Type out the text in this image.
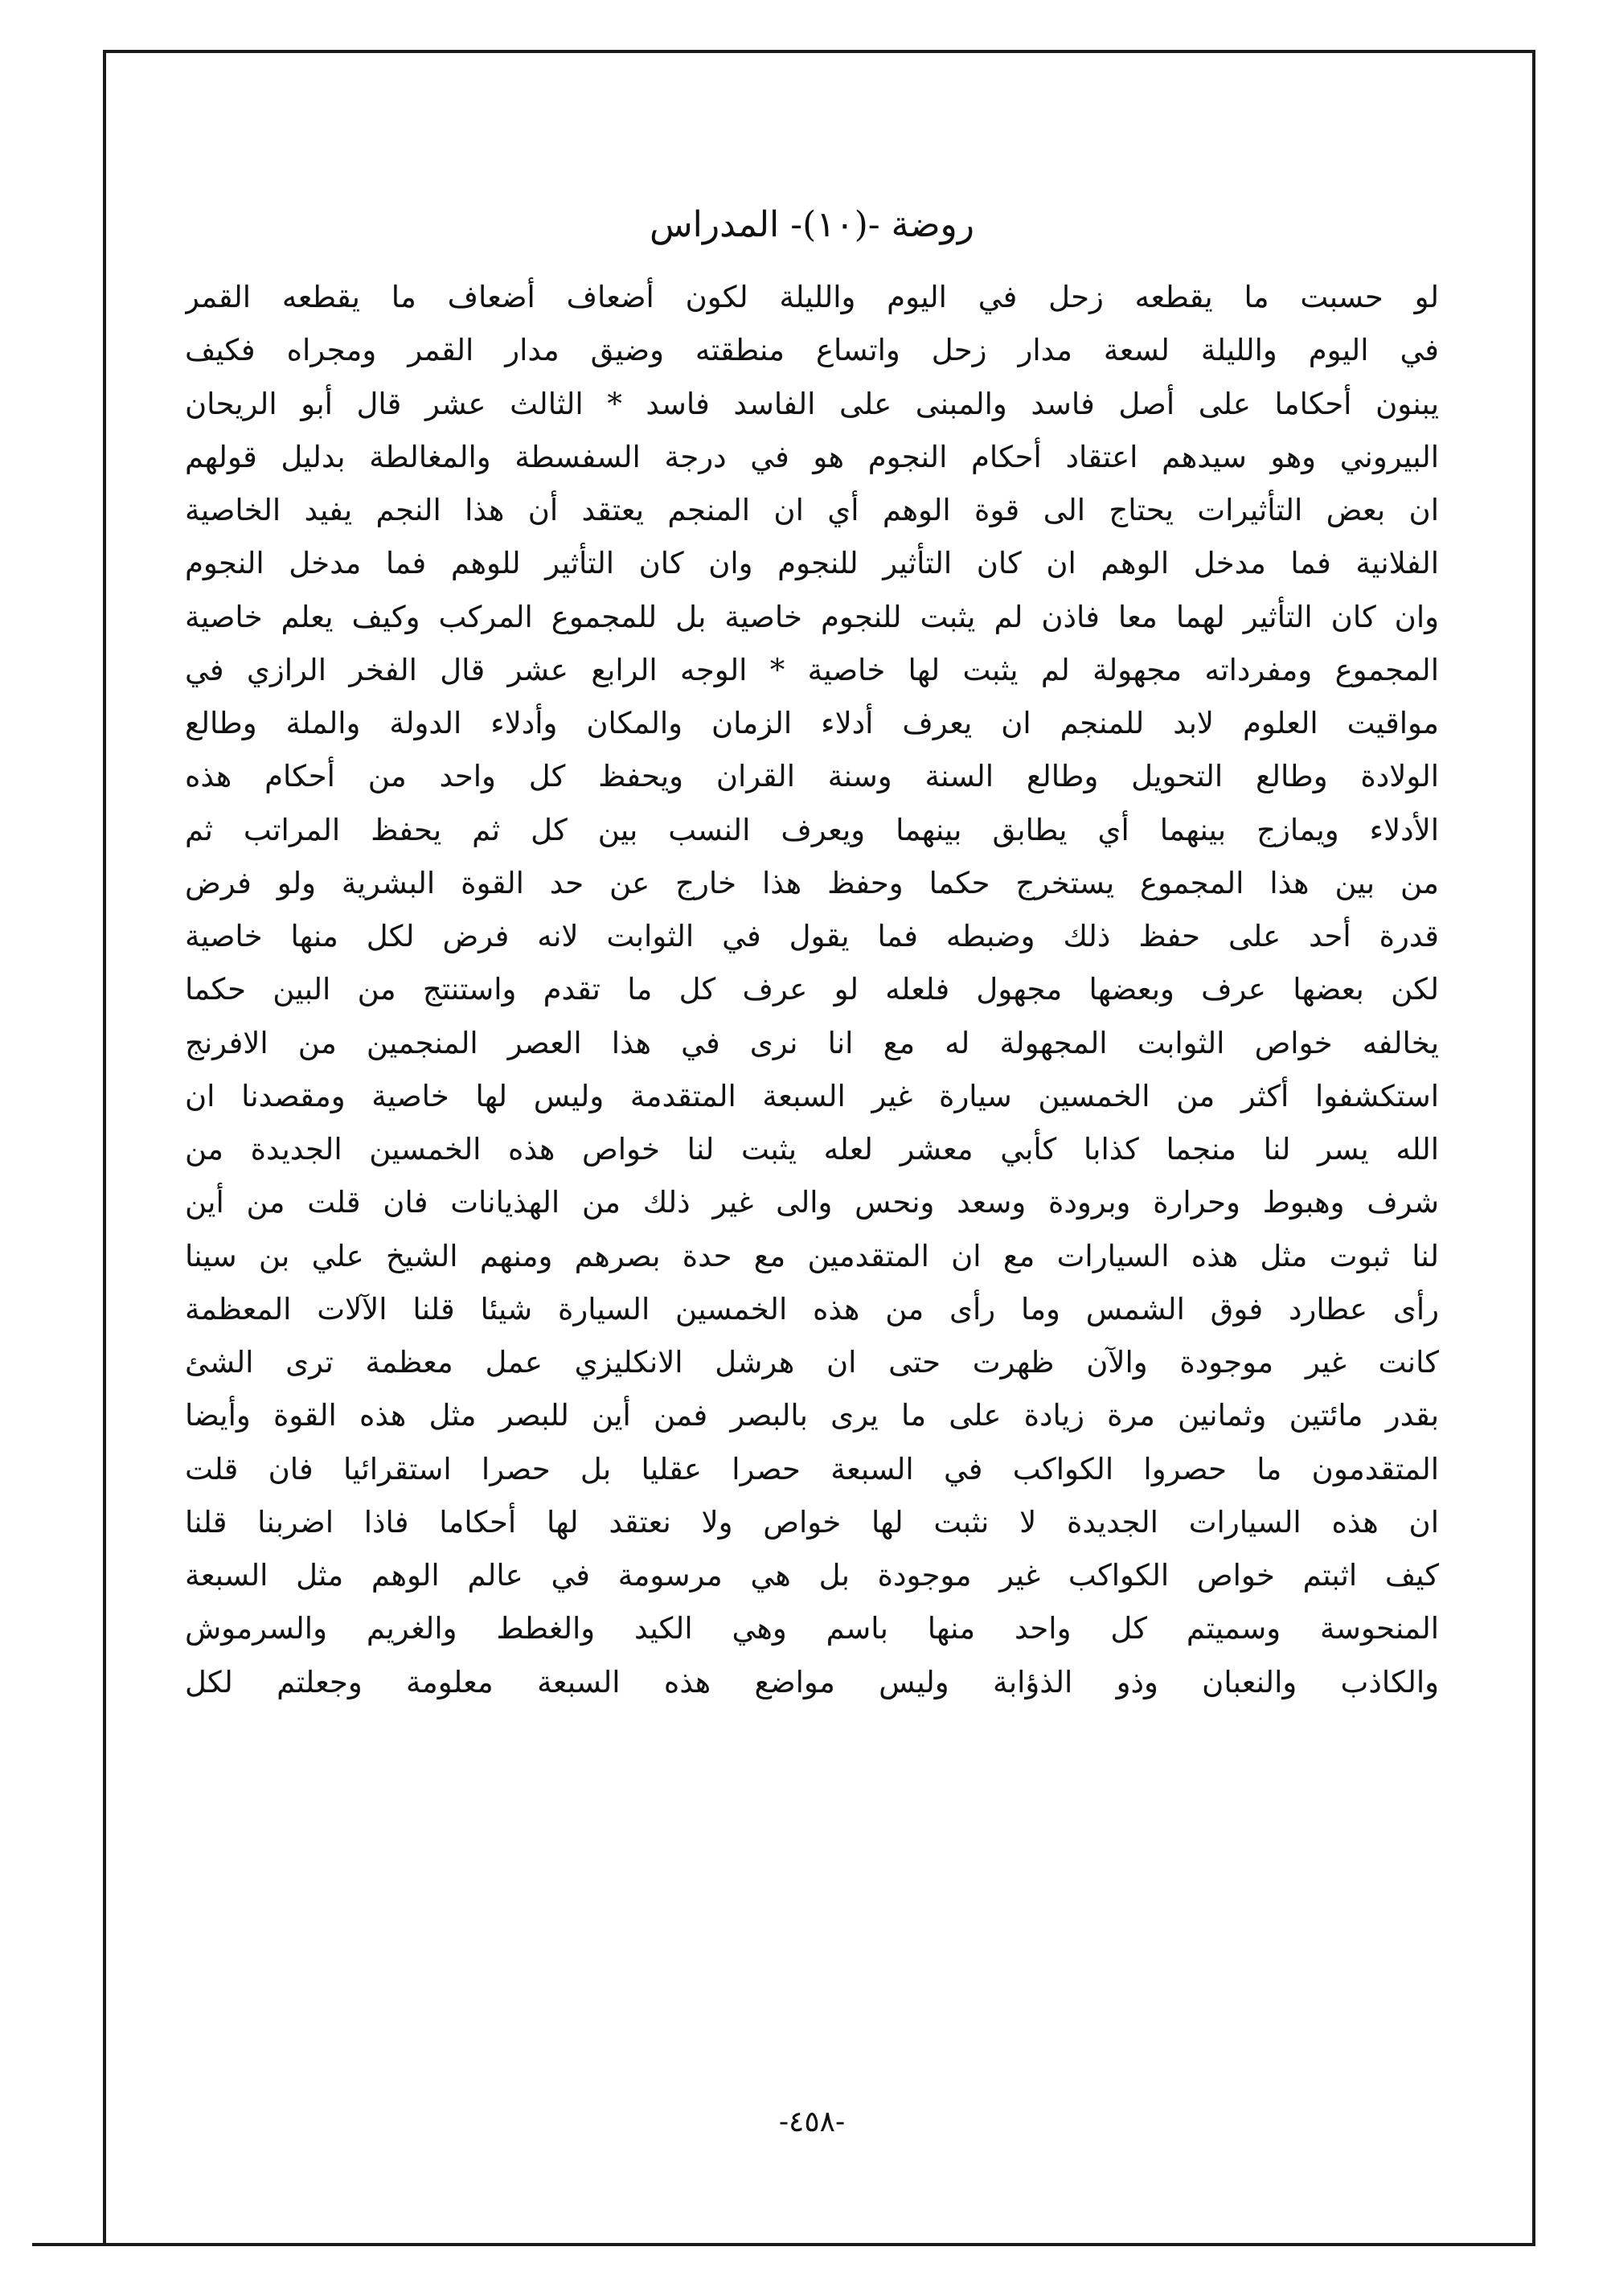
روضة -(١٠)- المدراس
لو حسبت ما يقطعه زحل في اليوم والليلة لكون أضعاف أضعاف ما يقطعه القمر
في اليوم والليلة لسعة مدار زحل واتساع منطقته وضيق مدار القمر ومجراه فكيف
يبنون أحكاما على أصل فاسد والمبنى على الفاسد فاسد * الثالث عشر قال أبو الريحان
البيروني وهو سيدهم اعتقاد أحكام النجوم هو في درجة السفسطة والمغالطة بدليل قولهم
ان بعض التأثيرات يحتاج الى قوة الوهم أي ان المنجم يعتقد أن هذا النجم يفيد الخاصية
الفلانية فما مدخل الوهم ان كان التأثير للنجوم وان كان التأثير للوهم فما مدخل النجوم
وان كان التأثير لهما معا فاذن لم يثبت للنجوم خاصية بل للمجموع المركب وكيف يعلم خاصية
المجموع ومفرداته مجهولة لم يثبت لها خاصية * الوجه الرابع عشر قال الفخر الرازي في
مواقيت العلوم لابد للمنجم ان يعرف أدلاء الزمان والمكان وأدلاء الدولة والملة وطالع
الولادة وطالع التحويل وطالع السنة وسنة القران ويحفظ كل واحد من أحكام هذه
الأدلاء ويمازج بينهما أي يطابق بينهما ويعرف النسب بين كل ثم يحفظ المراتب ثم
من بين هذا المجموع يستخرج حكما وحفظ هذا خارج عن حد القوة البشرية ولو فرض
قدرة أحد على حفظ ذلك وضبطه فما يقول في الثوابت لانه فرض لكل منها خاصية
لكن بعضها عرف وبعضها مجهول فلعله لو عرف كل ما تقدم واستنتج من البين حكما
يخالفه خواص الثوابت المجهولة له مع انا نرى في هذا العصر المنجمين من الافرنج
استكشفوا أكثر من الخمسين سيارة غير السبعة المتقدمة وليس لها خاصية ومقصدنا ان
الله يسر لنا منجما كذابا كأبي معشر لعله يثبت لنا خواص هذه الخمسين الجديدة من
شرف وهبوط وحرارة وبرودة وسعد ونحس والى غير ذلك من الهذيانات فان قلت من أين
لنا ثبوت مثل هذه السيارات مع ان المتقدمين مع حدة بصرهم ومنهم الشيخ علي بن سينا
رأى عطارد فوق الشمس وما رأى من هذه الخمسين السيارة شيئا قلنا الآلات المعظمة
كانت غير موجودة والآن ظهرت حتى ان هرشل الانكليزي عمل معظمة ترى الشئ
بقدر مائتين وثمانين مرة زيادة على ما يرى بالبصر فمن أين للبصر مثل هذه القوة وأيضا
المتقدمون ما حصروا الكواكب في السبعة حصرا عقليا بل حصرا استقرائيا فان قلت
ان هذه السيارات الجديدة لا نثبت لها خواص ولا نعتقد لها أحكاما فاذا اضربنا قلنا
كيف اثبتم خواص الكواكب غير موجودة بل هي مرسومة في عالم الوهم مثل السبعة
المنحوسة وسميتم كل واحد منها باسم وهي الكيد والغطط والغريم والسرموش
والكاذب والنعبان وذو الذؤابة وليس مواضع هذه السبعة معلومة وجعلتم لكل
-٤٥٨-
